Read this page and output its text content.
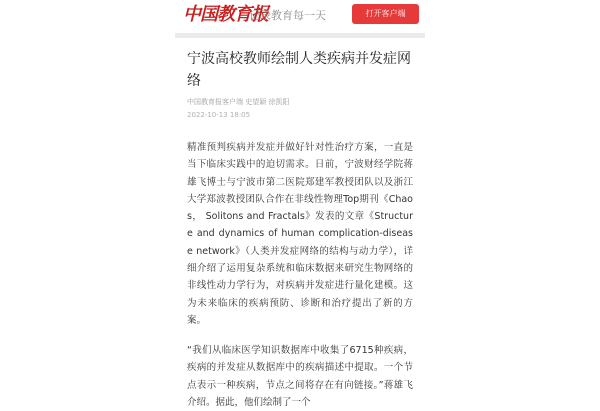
中国教育报
记录教育每一天	打开客户端
宁波高校教师绘制人类疾病并发症网络
中国教育报客户端 史望颖 徐凯阳
2022-10-13 18:05

精准预判疾病并发症并做好针对性治疗方案，一直是当下临床实践中的迫切需求。日前，宁波财经学院蒋雄飞博士与宁波市第二医院郑建军教授团队以及浙江大学郑波教授团队合作在非线性物理Top期刊《Chaos， Solitons and Fractals》发表的文章《Structure and dynamics of human complication-disease network》（人类并发症网络的结构与动力学），详细介绍了运用复杂系统和临床数据来研究生物网络的非线性动力学行为，对疾病并发症进行量化建模。这为未来临床的疾病预防、诊断和治疗提出了新的方案。

“我们从临床医学知识数据库中收集了6715种疾病，疾病的并发症从数据库中的疾病描述中提取。一个节点表示一种疾病，节点之间将存在有向链接。”蒋雄飞介绍。据此，他们绘制了一个
